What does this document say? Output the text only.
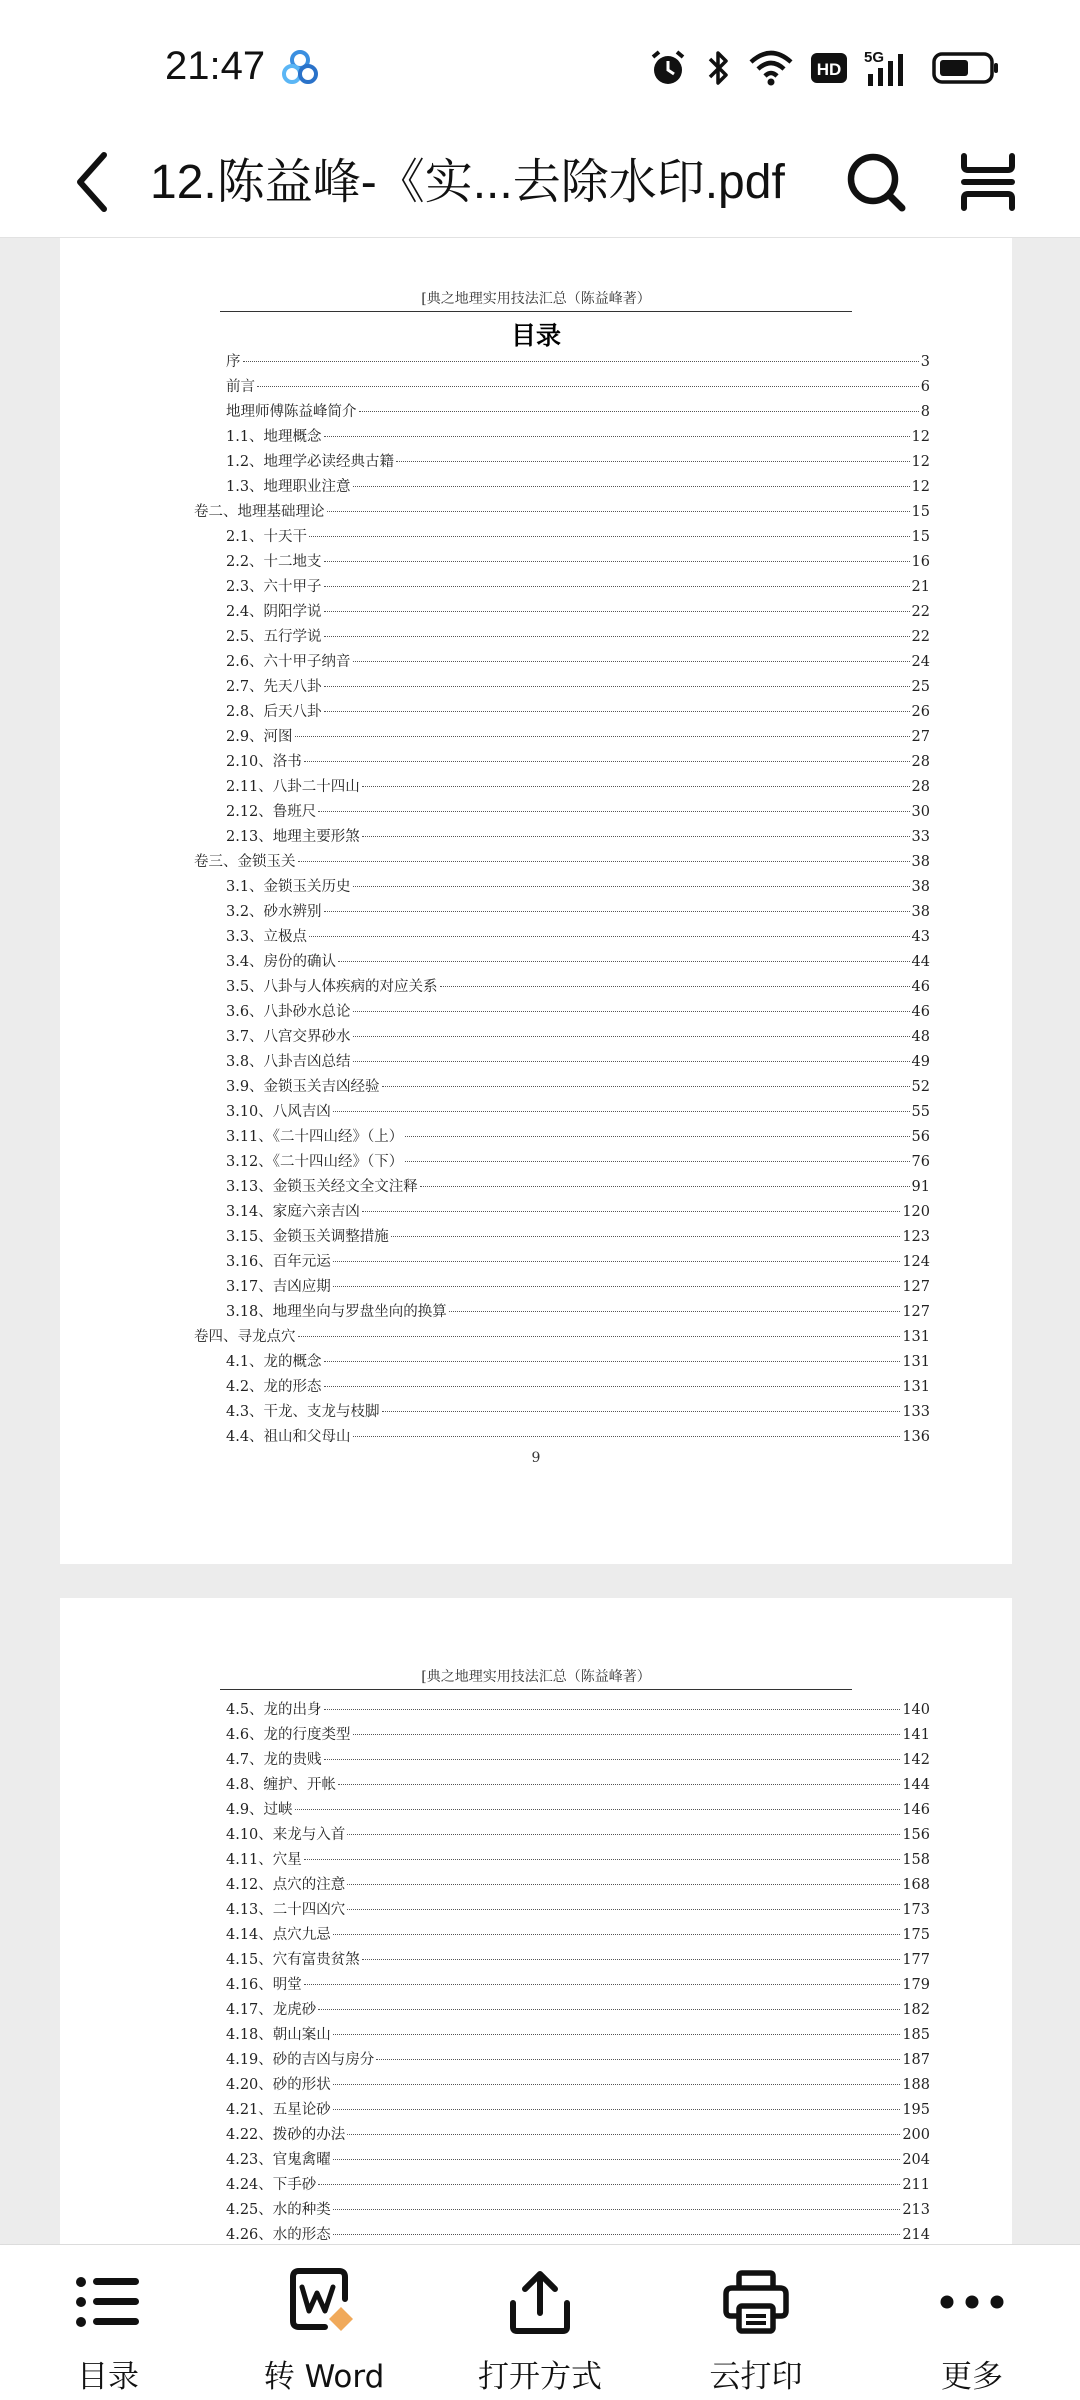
21:47	HD
5G
12.陈益峰-《实...去除水印.pdf
[典之地理实用技法汇总（陈益峰著）
目录
序	3
前言	6
地理师傅陈益峰简介	8
1.1、地理概念	12
1.2、地理学必读经典古籍	12
1.3、地理职业注意	12
卷二、地理基础理论	15
2.1、十天干	15
2.2、十二地支	16
2.3、六十甲子	21
2.4、阴阳学说	22
2.5、五行学说	22
2.6、六十甲子纳音	24
2.7、先天八卦	25
2.8、后天八卦	26
2.9、河图	27
2.10、洛书	28
2.11、八卦二十四山	28
2.12、鲁班尺	30
2.13、地理主要形煞	33
卷三、金锁玉关	38
3.1、金锁玉关历史	38
3.2、砂水辨别	38
3.3、立极点	43
3.4、房份的确认	44
3.5、八卦与人体疾病的对应关系	46
3.6、八卦砂水总论	46
3.7、八宫交界砂水	48
3.8、八卦吉凶总结	49
3.9、金锁玉关吉凶经验	52
3.10、八风吉凶	55
3.11、《二十四山经》（上）	56
3.12、《二十四山经》（下）	76
3.13、金锁玉关经文全文注释	91
3.14、家庭六亲吉凶	120
3.15、金锁玉关调整措施	123
3.16、百年元运	124
3.17、吉凶应期	127
3.18、地理坐向与罗盘坐向的换算	127
卷四、寻龙点穴	131
4.1、龙的概念	131
4.2、龙的形态	131
4.3、干龙、支龙与枝脚	133
4.4、祖山和父母山	136
9
[典之地理实用技法汇总（陈益峰著）
4.5、龙的出身	140
4.6、龙的行度类型	141
4.7、龙的贵贱	142
4.8、缠护、开帐	144
4.9、过峡	146
4.10、来龙与入首	156
4.11、穴星	158
4.12、点穴的注意	168
4.13、二十四凶穴	173
4.14、点穴九忌	175
4.15、穴有富贵贫煞	177
4.16、明堂	179
4.17、龙虎砂	182
4.18、朝山案山	185
4.19、砂的吉凶与房分	187
4.20、砂的形状	188
4.21、五星论砂	195
4.22、拨砂的办法	200
4.23、官鬼禽曜	204
4.24、下手砂	211
4.25、水的种类	213
4.26、水的形态	214
目录	转 Word	打开方式	云打印	更多
